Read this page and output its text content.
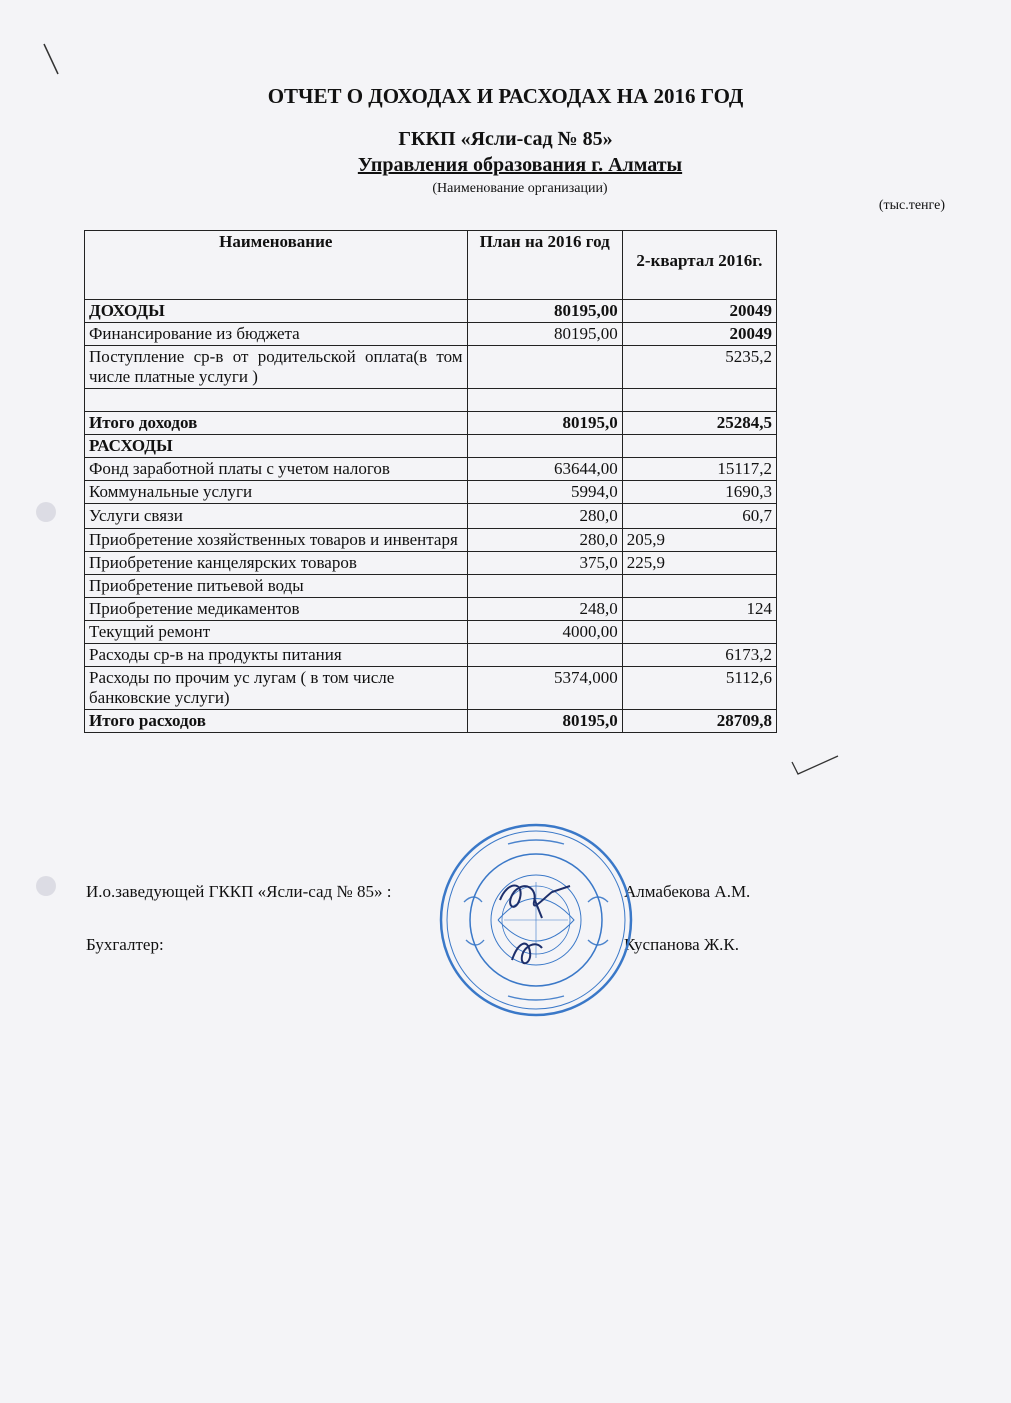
ОТЧЕТ О ДОХОДАХ И РАСХОДАХ НА 2016 ГОД
ГККП «Ясли-сад № 85»
Управления образования г. Алматы
(Наименование организации)
(тыс.тенге)
Наименование	План на 2016 год	2-квартал 2016г.
ДОХОДЫ	80195,00	20049
Финансирование из бюджета	80195,00	20049
Поступление ср-в от родительской оплата(в том числе платные услуги )		5235,2

Итого доходов	80195,0	25284,5
РАСХОДЫ		
Фонд заработной платы с учетом налогов	63644,00	15117,2
Коммунальные услуги	5994,0	1690,3
Услуги связи	280,0	60,7
Приобретение хозяйственных товаров и инвентаря	280,0	205,9
Приобретение канцелярских товаров	375,0	225,9
Приобретение питьевой воды		
Приобретение медикаментов	248,0	124
Текущий ремонт	4000,00	
Расходы ср-в на продукты питания		6173,2
Расходы по прочим ус лугам ( в том числе банковские услуги)	5374,000	5112,6
Итого расходов	80195,0	28709,8
И.о.заведующей ГККП «Ясли-сад № 85» :	Алмабекова А.М.
Бухгалтер:	Куспанова Ж.К.
